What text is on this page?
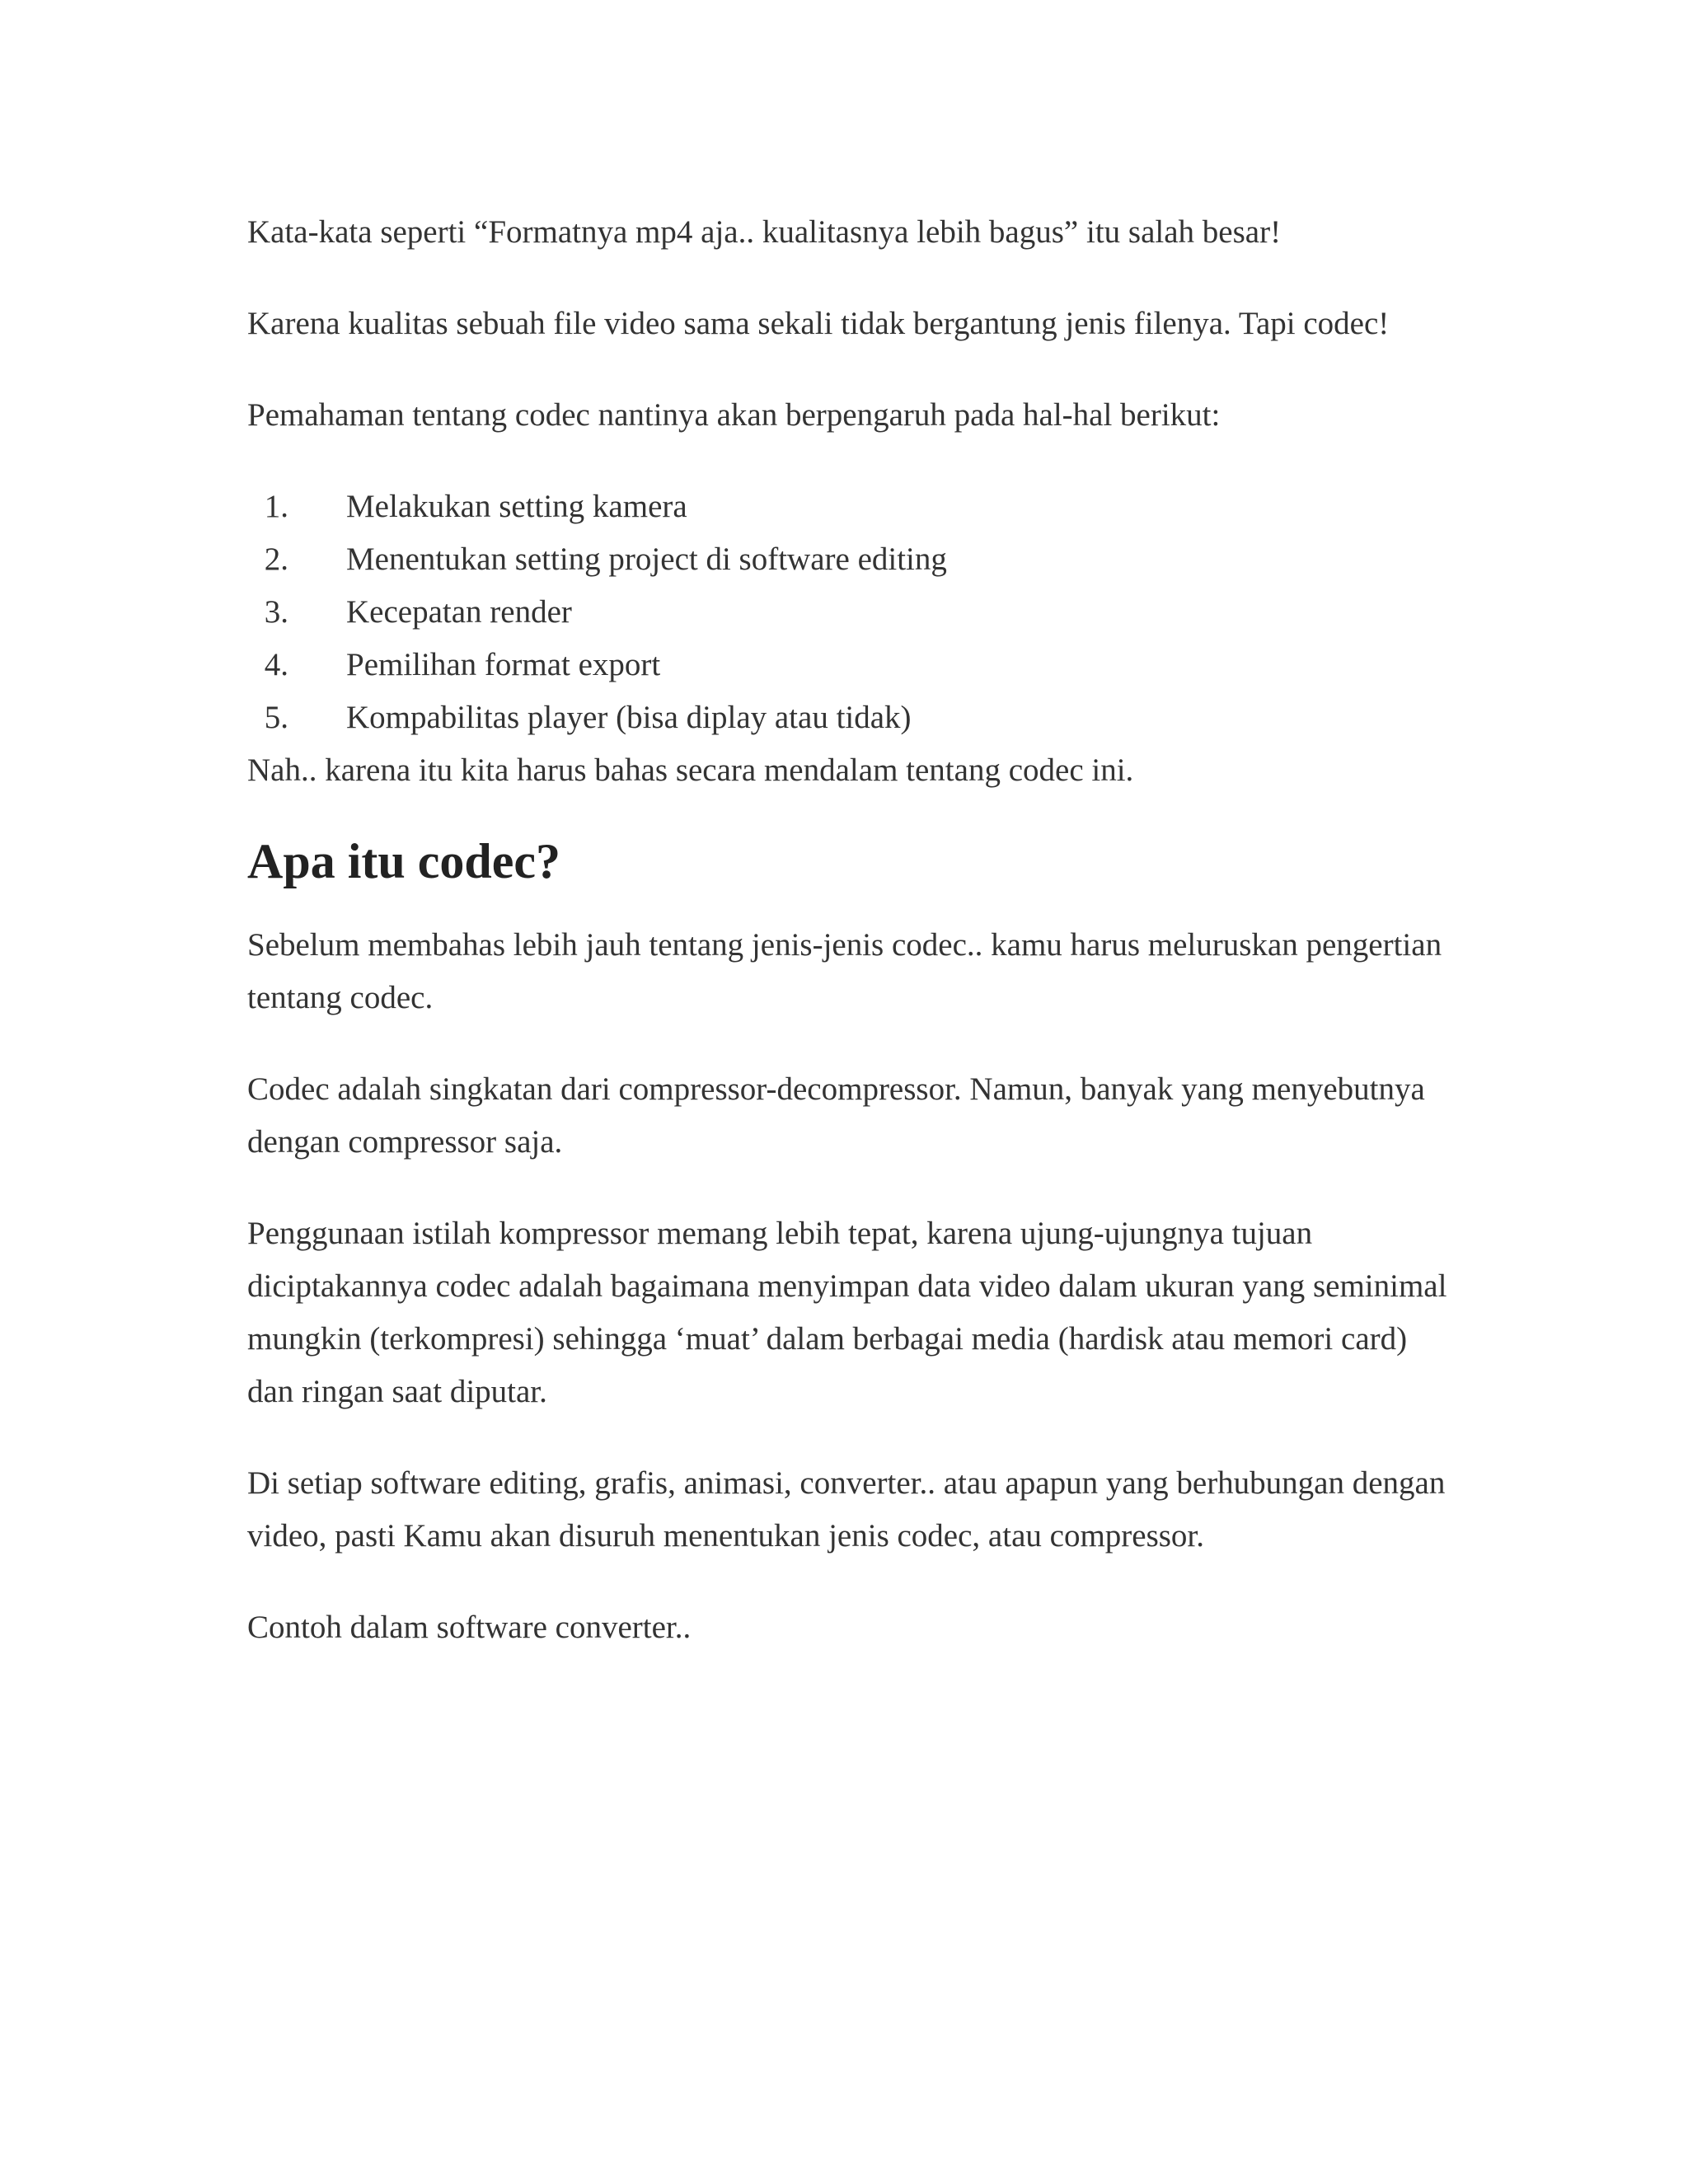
Kata-kata seperti “Formatnya mp4 aja.. kualitasnya lebih bagus” itu salah besar!

Karena kualitas sebuah file video sama sekali tidak bergantung jenis filenya. Tapi codec!

Pemahaman tentang codec nantinya akan berpengaruh pada hal-hal berikut:

1.	Melakukan setting kamera
2.	Menentukan setting project di software editing
3.	Kecepatan render
4.	Pemilihan format export
5.	Kompabilitas player (bisa diplay atau tidak)

Nah.. karena itu kita harus bahas secara mendalam tentang codec ini.

Apa itu codec?

Sebelum membahas lebih jauh tentang jenis-jenis codec.. kamu harus meluruskan pengertian tentang codec.

Codec adalah singkatan dari compressor-decompressor. Namun, banyak yang menyebutnya dengan compressor saja.

Penggunaan istilah kompressor memang lebih tepat, karena ujung-ujungnya tujuan diciptakannya codec adalah bagaimana menyimpan data video dalam ukuran yang seminimal mungkin (terkompresi) sehingga ‘muat’ dalam berbagai media (hardisk atau memori card) dan ringan saat diputar.

Di setiap software editing, grafis, animasi, converter.. atau apapun yang berhubungan dengan video, pasti Kamu akan disuruh menentukan jenis codec, atau compressor.

Contoh dalam software converter..
